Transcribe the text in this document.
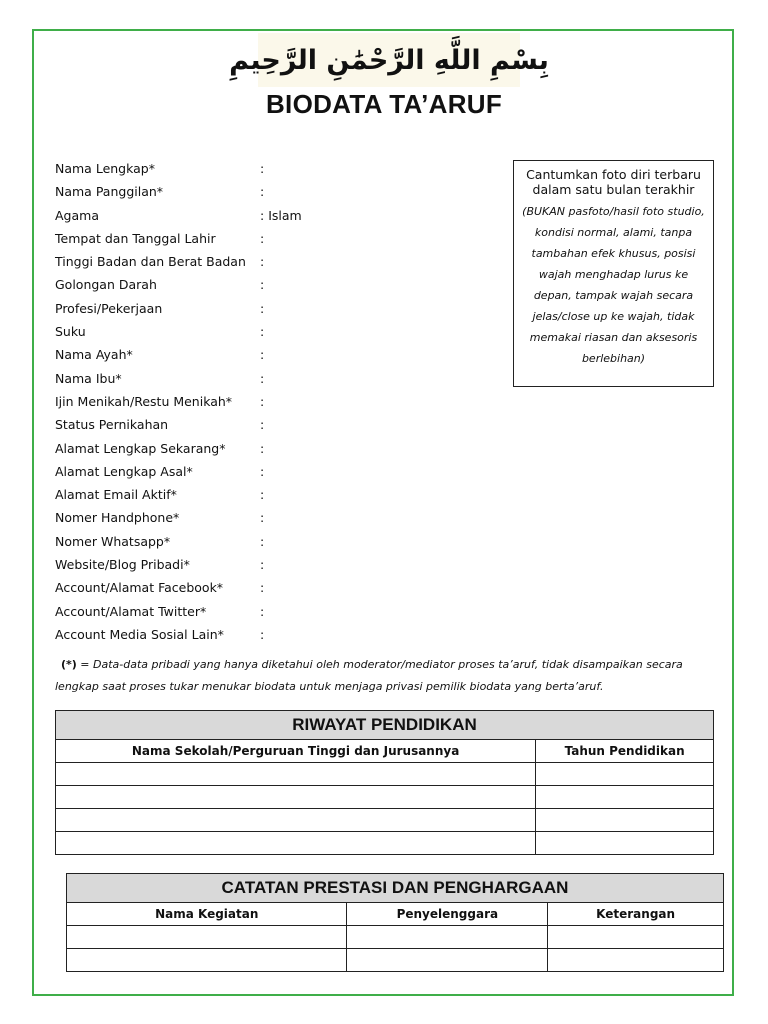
بِسْمِ اللَّهِ الرَّحْمَٰنِ الرَّحِيمِ
BIODATA TA’ARUF
Nama Lengkap*	:
Nama Panggilan*	:
Agama	: Islam
Tempat dan Tanggal Lahir	:
Tinggi Badan dan Berat Badan :
Golongan Darah	:
Profesi/Pekerjaan	:
Suku	:
Nama Ayah*	:
Nama Ibu*	:
Ijin Menikah/Restu Menikah* :
Status Pernikahan	:
Alamat Lengkap Sekarang*	:
Alamat Lengkap Asal*	:
Alamat Email Aktif*	:
Nomer Handphone*	:
Nomer Whatsapp*	:
Website/Blog Pribadi*	:
Account/Alamat Facebook*	:
Account/Alamat Twitter*	:
Account Media Sosial Lain*	:
Cantumkan foto diri terbaru dalam satu bulan terakhir
(BUKAN pasfoto/hasil foto studio, kondisi normal, alami, tanpa tambahan efek khusus, posisi wajah menghadap lurus ke depan, tampak wajah secara jelas/close up ke wajah, tidak memakai riasan dan aksesoris berlebihan)
(*) = Data-data pribadi yang hanya diketahui oleh moderator/mediator proses ta’aruf, tidak disampaikan secara lengkap saat proses tukar menukar biodata untuk menjaga privasi pemilik biodata yang berta’aruf.
RIWAYAT PENDIDIKAN	
Nama Sekolah/Perguruan Tinggi dan Jurusannya	Tahun Pendidikan

CATATAN PRESTASI DAN PENGHARGAAN		
Nama Kegiatan	Penyelenggara	Keterangan
